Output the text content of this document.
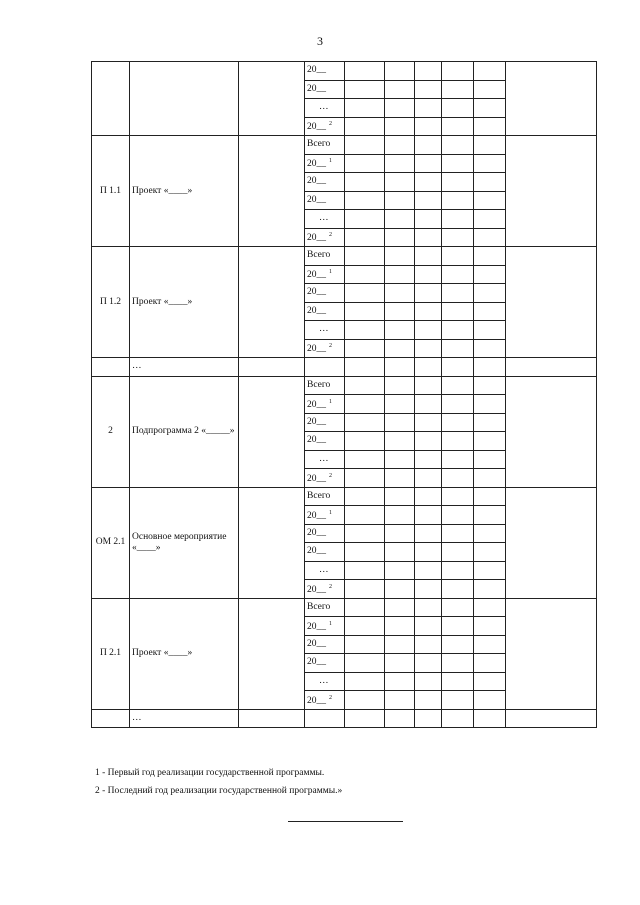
3
			20__						
			20__						
			…						
			20__ $^2$					
П 1.1	Проект «____»		Всего						
			20__ $^1$					
			20__						
			20__						
			…						
			20__ $^2$					
П 1.2	Проект «____»		Всего						
			20__ $^1$					
			20__						
			20__						
			…						
			20__ $^2$					
	…								
2	Подпрограмма 2 «_____»		Всего						
			20__ $^1$					
			20__						
			20__						
			…						
			20__ $^2$					
ОМ 2.1	Основное мероприятие «____»		Всего						
			20__ $^1$					
			20__						
			20__						
			…						
			20__ $^2$					
П 2.1	Проект «____»		Всего						
			20__ $^1$					
			20__						
			20__						
			…						
			20__ $^2$					
	…								
1 - Первый год реализации государственной программы.
2 - Последний год реализации государственной программы.»
